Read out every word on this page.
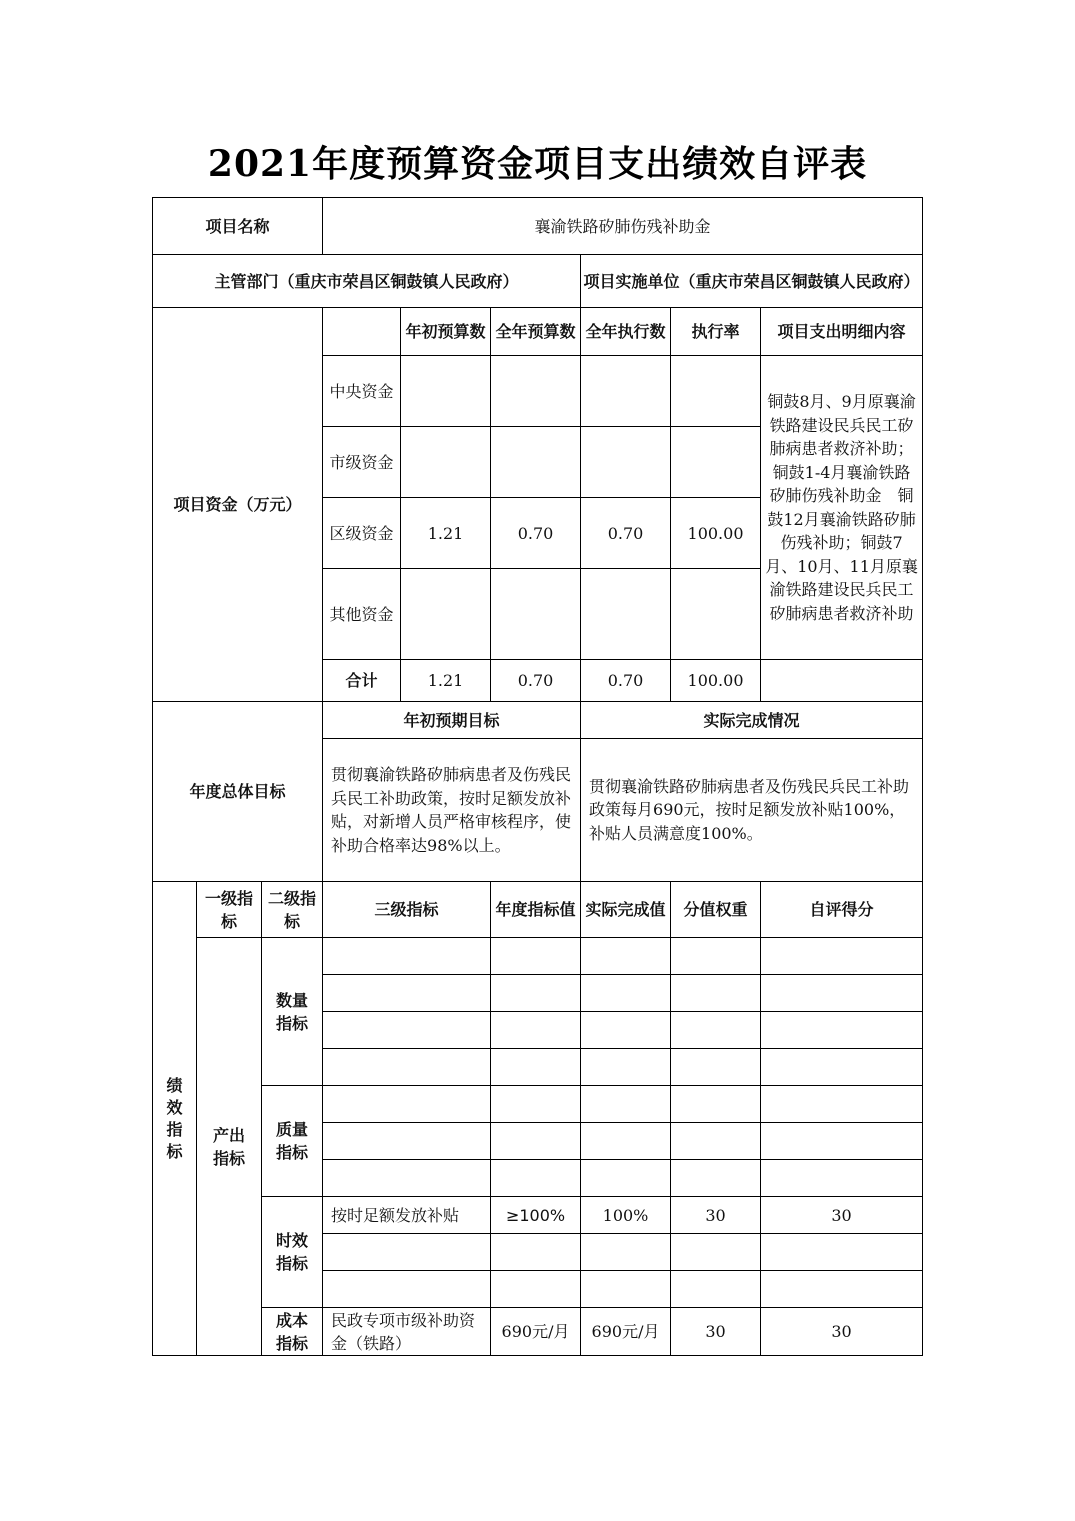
2021年度预算资金项目支出绩效自评表
项目名称			襄渝铁路矽肺伤残补助金					
主管部门（重庆市荣昌区铜鼓镇人民政府）						项目实施单位（重庆市荣昌区铜鼓镇人民政府）		
项目资金（万元）				年初预算数	全年预算数	全年执行数	执行率	项目支出明细内容
			中央资金					铜鼓8月、9月原襄渝铁路建设民兵民工矽肺病患者救济补助；铜鼓1-4月襄渝铁路矽肺伤残补助金　铜鼓12月襄渝铁路矽肺伤残补助；铜鼓7月、10月、11月原襄渝铁路建设民兵民工矽肺病患者救济补助
			市级资金					
			区级资金	1.21	0.70	0.70	100.00	
			其他资金					
			合计	1.21	0.70	0.70	100.00	
年度总体目标			年初预期目标			实际完成情况		
			贯彻襄渝铁路矽肺病患者及伤残民兵民工补助政策，按时足额发放补贴，对新增人员严格审核程序，使补助合格率达98%以上。			贯彻襄渝铁路矽肺病患者及伤残民兵民工补助政策每月690元，按时足额发放补贴100%，补贴人员满意度100%。		
绩效指标	一级指标	二级指标	三级指标		年度指标值	实际完成值	分值权重	自评得分
	产出指标	数量指标						

		质量指标						

		时效指标	按时足额发放补贴		≥100%	100%	30	30

		成本指标	民政专项市级补助资金（铁路）		690元/月	690元/月	30	30
